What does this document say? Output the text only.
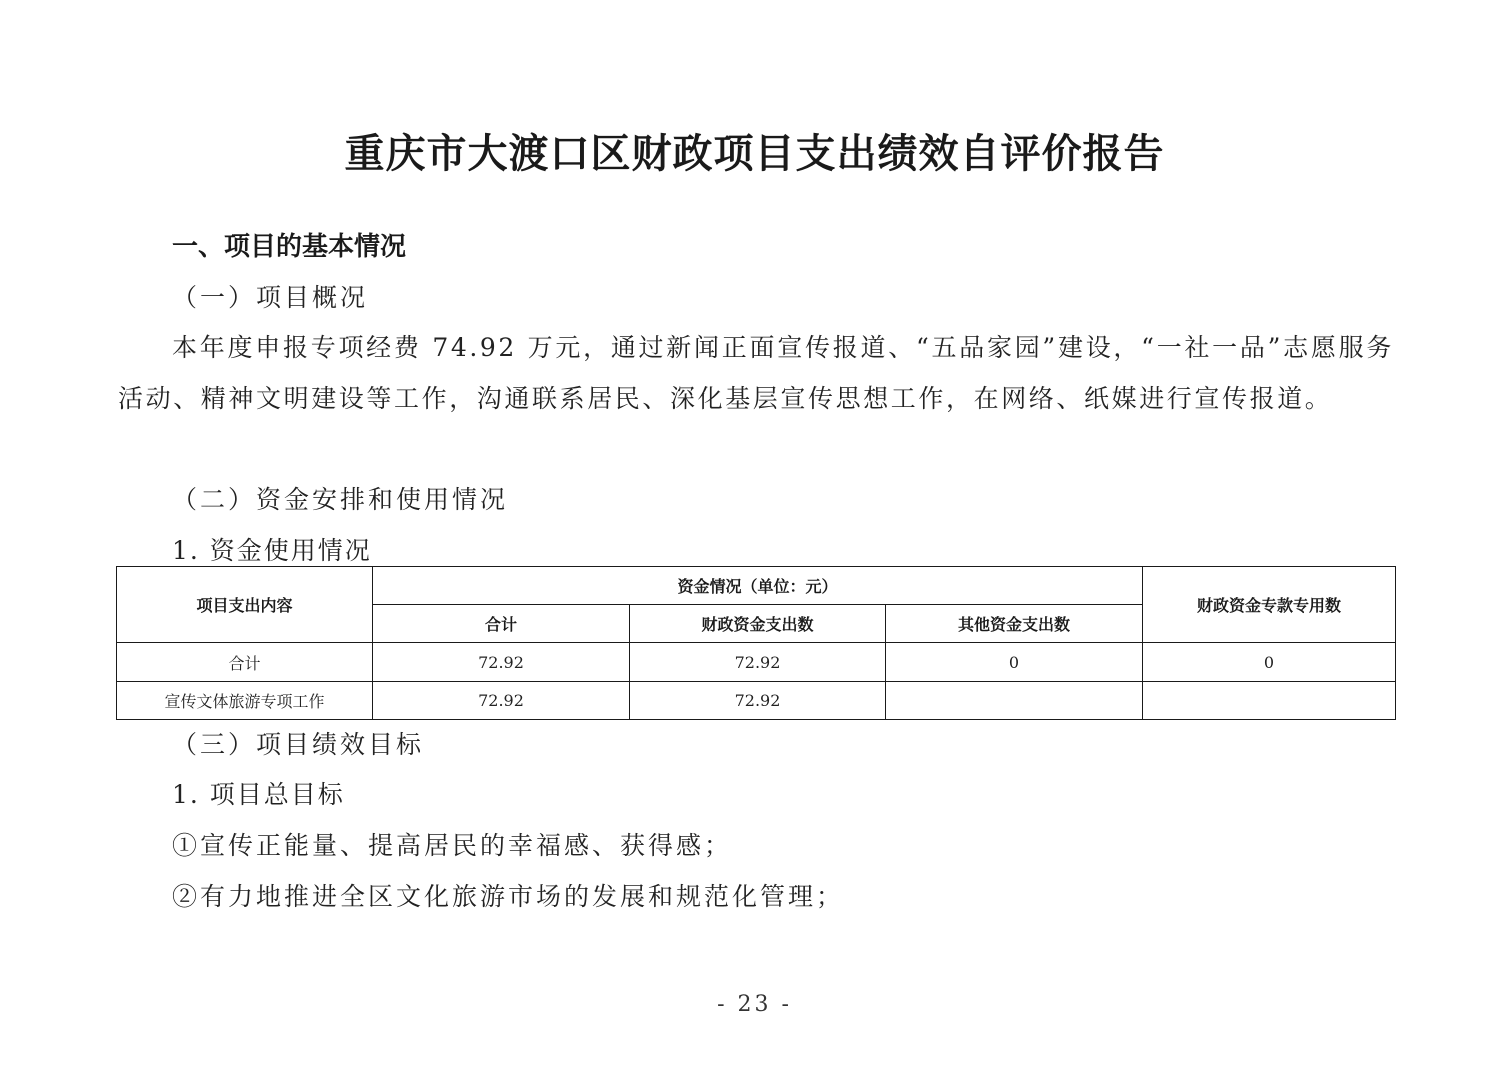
重庆市大渡口区财政项目支出绩效自评价报告
一、项目的基本情况
（一）项目概况
本年度申报专项经费 74.92 万元，通过新闻正面宣传报道、“五品家园”建设，“一社一品”志愿服务活动、精神文明建设等工作，沟通联系居民、深化基层宣传思想工作，在网络、纸媒进行宣传报道。
（二）资金安排和使用情况
1. 资金使用情况
项目支出内容	资金情况（单位：元）			财政资金专款专用数
	合计	财政资金支出数	其他资金支出数	
合计	72.92	72.92	0	0
宣传文体旅游专项工作	72.92	72.92		
（三）项目绩效目标
1. 项目总目标
①宣传正能量、提高居民的幸福感、获得感；
②有力地推进全区文化旅游市场的发展和规范化管理；
- 23 -
